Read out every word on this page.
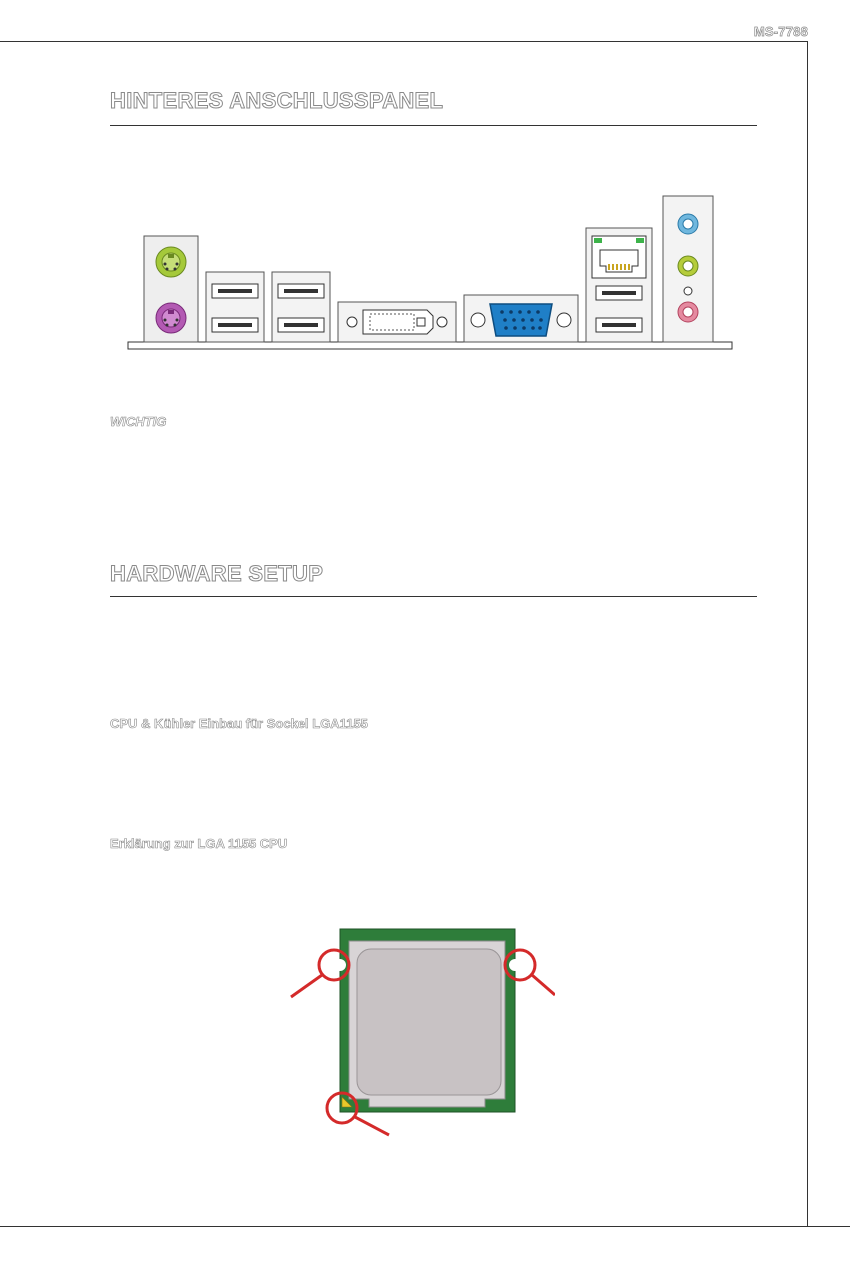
MS-7788
HINTERES ANSCHLUSSPANEL
WICHTIG
HARDWARE SETUP
CPU & Kühler Einbau für Sockel LGA1155
Erklärung zur LGA 1155 CPU
